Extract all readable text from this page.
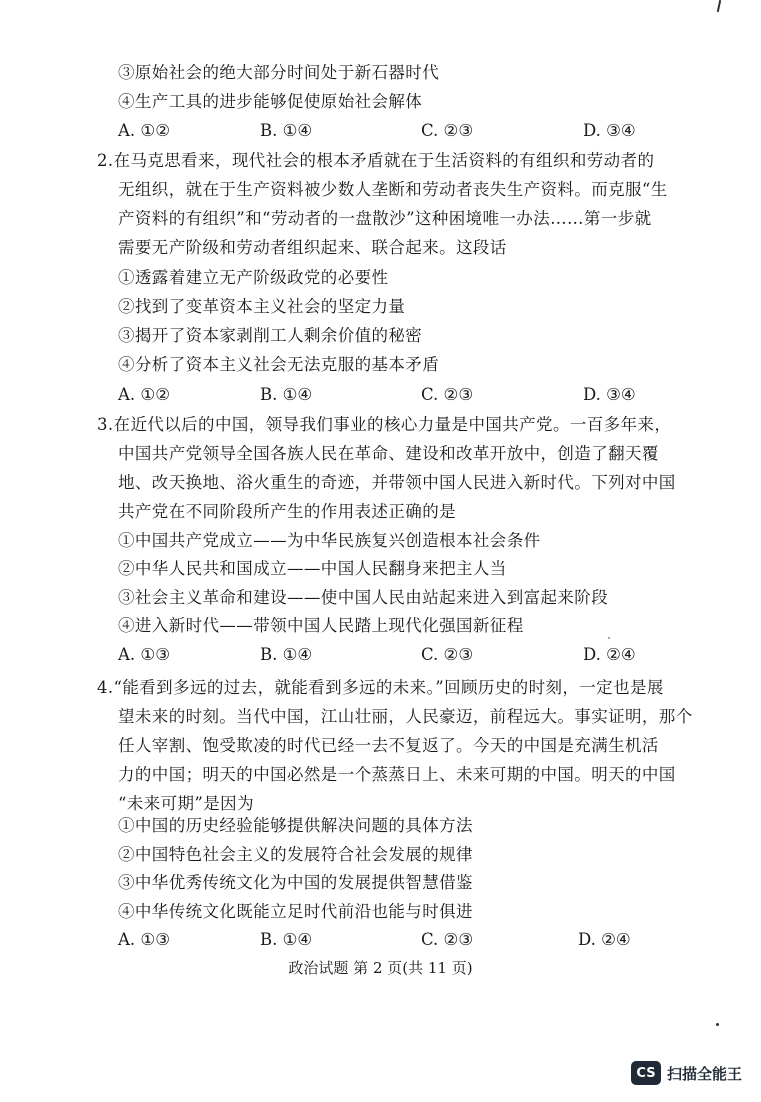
③原始社会的绝大部分时间处于新石器时代
④生产工具的进步能够促使原始社会解体
A. ①②	B. ①④	C. ②③	D. ③④
2.在马克思看来，现代社会的根本矛盾就在于生活资料的有组织和劳动者的
无组织，就在于生产资料被少数人垄断和劳动者丧失生产资料。而克服“生
产资料的有组织”和“劳动者的一盘散沙”这种困境唯一办法……第一步就
需要无产阶级和劳动者组织起来、联合起来。这段话
①透露着建立无产阶级政党的必要性
②找到了变革资本主义社会的坚定力量
③揭开了资本家剥削工人剩余价值的秘密
④分析了资本主义社会无法克服的基本矛盾
A. ①②	B. ①④	C. ②③	D. ③④
3.在近代以后的中国，领导我们事业的核心力量是中国共产党。一百多年来，
中国共产党领导全国各族人民在革命、建设和改革开放中，创造了翻天覆
地、改天换地、浴火重生的奇迹，并带领中国人民进入新时代。下列对中国
共产党在不同阶段所产生的作用表述正确的是
①中国共产党成立——为中华民族复兴创造根本社会条件
②中华人民共和国成立——中国人民翻身来把主人当
③社会主义革命和建设——使中国人民由站起来进入到富起来阶段
④进入新时代——带领中国人民踏上现代化强国新征程
A. ①③	B. ①④	C. ②③	D. ②④
4.“能看到多远的过去，就能看到多远的未来。”回顾历史的时刻，一定也是展
望未来的时刻。当代中国，江山壮丽，人民豪迈，前程远大。事实证明，那个
任人宰割、饱受欺凌的时代已经一去不复返了。今天的中国是充满生机活
力的中国；明天的中国必然是一个蒸蒸日上、未来可期的中国。明天的中国
“未来可期”是因为
①中国的历史经验能够提供解决问题的具体方法
②中国特色社会主义的发展符合社会发展的规律
③中华优秀传统文化为中国的发展提供智慧借鉴
④中华传统文化既能立足时代前沿也能与时俱进
A. ①③	B. ①④	C. ②③	D. ②④
政治试题 第 2 页(共 11 页)
CS 扫描全能王
